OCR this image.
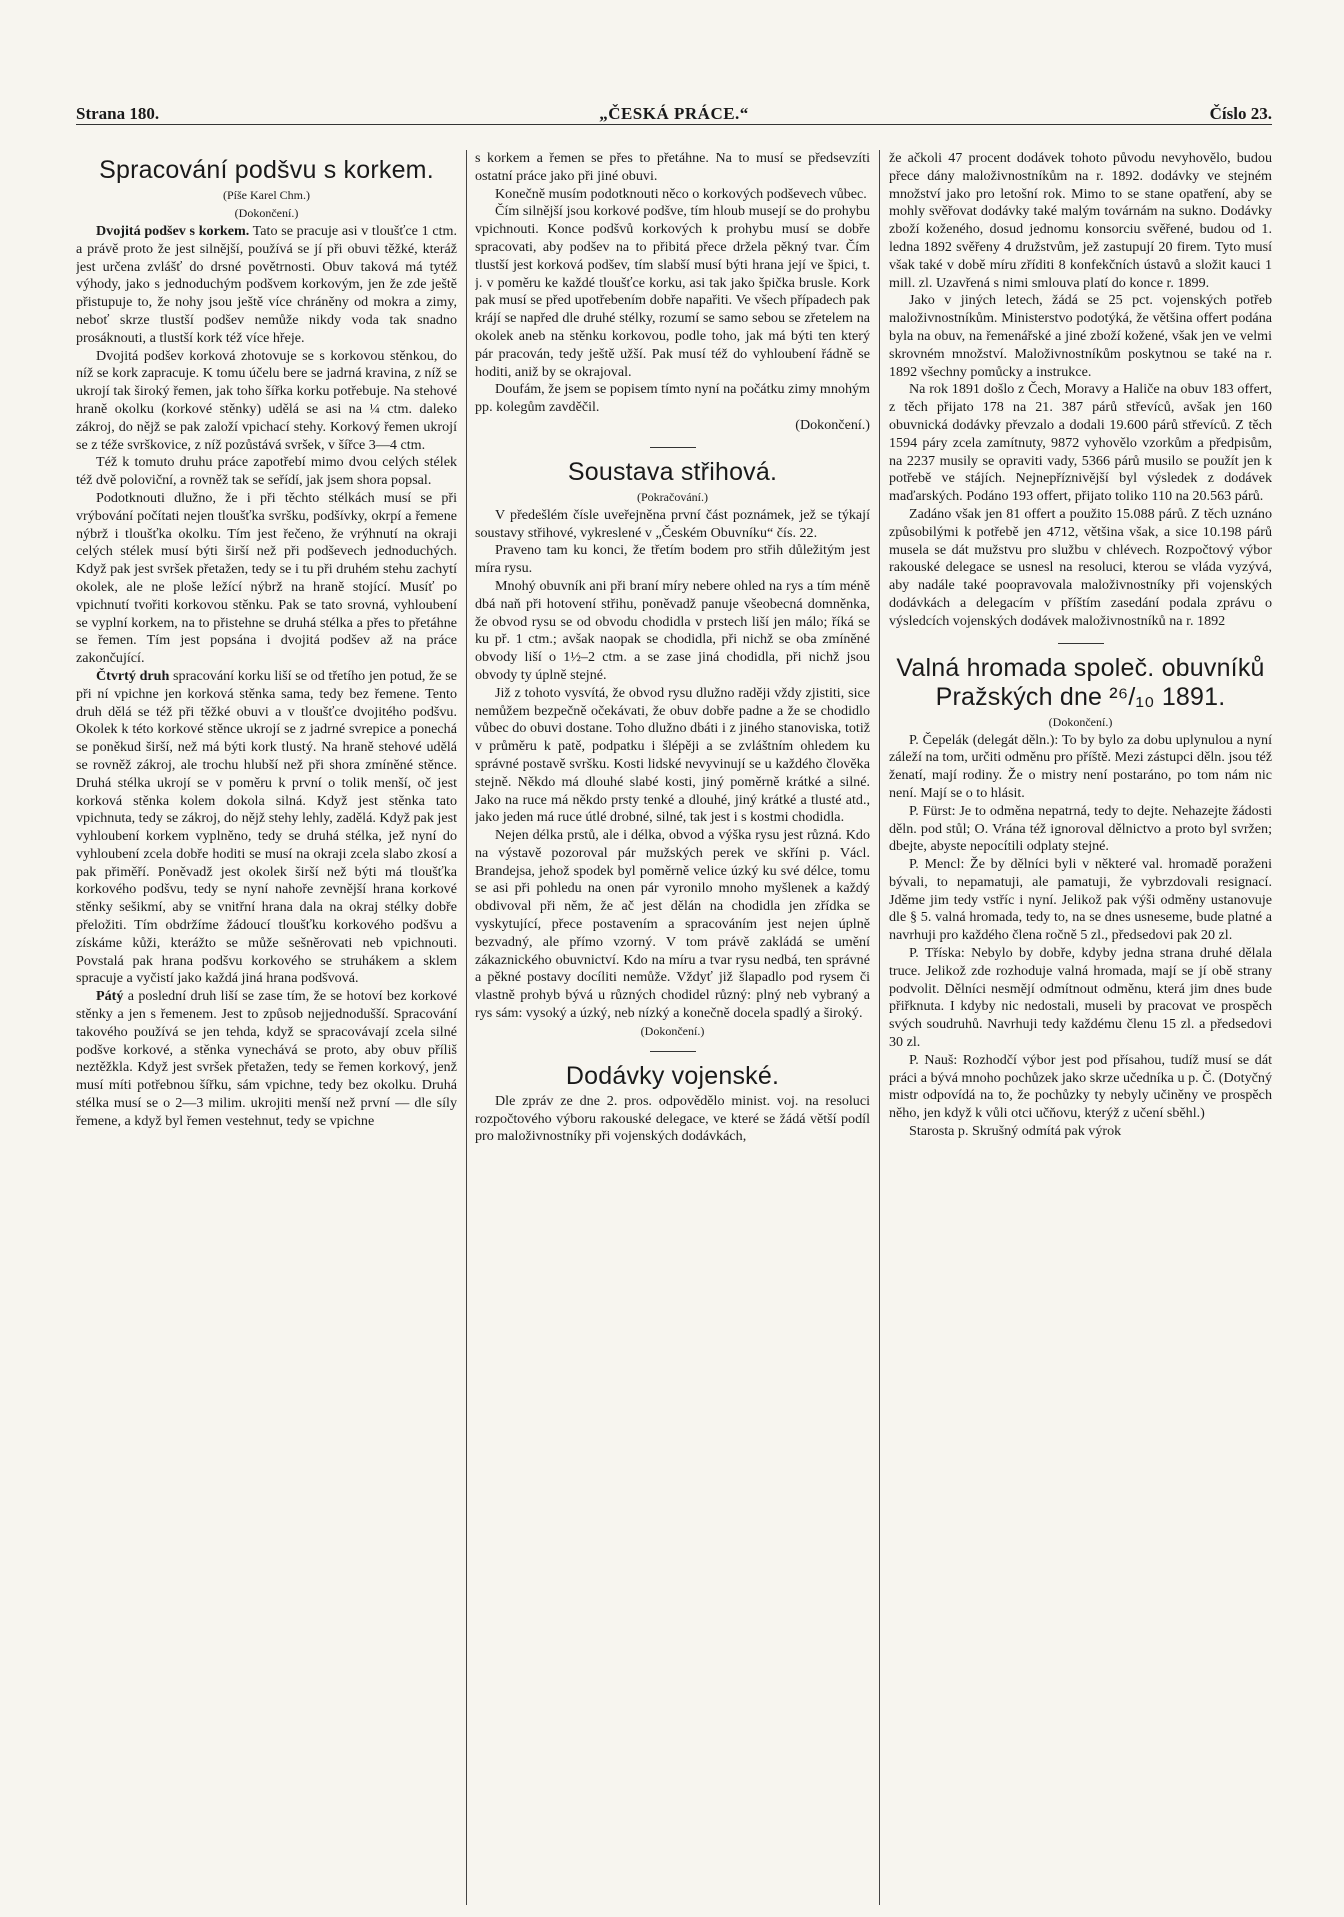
Strana 180.	„ČESKÁ PRÁCE.“	Číslo 23.
Spracování podšvu s korkem.
(Píše Karel Chm.)
(Dokončení.)

Dvojitá podšev s korkem. Tato se pracuje asi v tloušťce 1 ctm. a právě proto že jest silnější, používá se jí při obuvi těžké, kteráž jest určena zvlášť do drsné povětrnosti. Obuv taková má tytéž výhody, jako s jednoduchým podšvem korkovým, jen že zde ještě přistupuje to, že nohy jsou ještě více chráněny od mokra a zimy, neboť skrze tlustší podšev nemůže nikdy voda tak snadno prosáknouti, a tlustší kork též více hřeje.

Dvojitá podšev korková zhotovuje se s korkovou stěnkou, do níž se kork zapracuje. K tomu účelu bere se jadrná kravina, z níž se ukrojí tak široký řemen, jak toho šířka korku potřebuje. Na stehové hraně okolku (korkové stěnky) udělá se asi na ¼ ctm. daleko zákroj, do nějž se pak založí vpichací stehy. Korkový řemen ukrojí se z téže svrškovice, z níž pozůstává svršek, v šířce 3—4 ctm.

Též k tomuto druhu práce zapotřebí mimo dvou celých stélek též dvě poloviční, a rovněž tak se seřídí, jak jsem shora popsal.

Podotknouti dlužno, že i při těchto stélkách musí se při vrýbování počítati nejen tloušťka svršku, podšívky, okrpí a řemene nýbrž i tloušťka okolku. Tím jest řečeno, že vrýhnutí na okraji celých stélek musí býti širší než při podševech jednoduchých. Když pak jest svršek přetažen, tedy se i tu při druhém stehu zachytí okolek, ale ne ploše ležící nýbrž na hraně stojící. Musíť po vpichnutí tvořiti korkovou stěnku. Pak se tato srovná, vyhloubení se vyplní korkem, na to přistehne se druhá stélka a přes to přetáhne se řemen. Tím jest popsána i dvojitá podšev až na práce zakončující.

Čtvrtý druh spracování korku liší se od třetího jen potud, že se při ní vpichne jen korková stěnka sama, tedy bez řemene. Tento druh dělá se též při těžké obuvi a v tloušťce dvojitého podšvu. Okolek k této korkové stěnce ukrojí se z jadrné svrepice a ponechá se poněkud širší, než má býti kork tlustý. Na hraně stehové udělá se rovněž zákroj, ale trochu hlubší než při shora zmíněné stěnce. Druhá stélka ukrojí se v poměru k první o tolik menší, oč jest korková stěnka kolem dokola silná. Když jest stěnka tato vpichnuta, tedy se zákroj, do nějž stehy lehly, zadělá. Když pak jest vyhloubení korkem vyplněno, tedy se druhá stélka, jež nyní do vyhloubení zcela dobře hoditi se musí na okraji zcela slabo zkosí a pak přiměří. Poněvadž jest okolek širší než býti má tloušťka korkového podšvu, tedy se nyní nahoře zevnější hrana korkové stěnky sešikmí, aby se vnitřní hrana dala na okraj stélky dobře přeložiti. Tím obdržíme žádoucí tloušťku korkového podšvu a získáme kůži, kterážto se může sešněrovati neb vpichnouti. Povstalá pak hrana podšvu korkového se struhákem a sklem spracuje a vyčistí jako každá jiná hrana podšvová.

Pátý a poslední druh liší se zase tím, že se hotoví bez korkové stěnky a jen s řemenem. Jest to způsob nejjednodušší. Spracování takového používá se jen tehda, když se spracovávají zcela silné podšve korkové, a stěnka vynechává se proto, aby obuv příliš neztěžkla. Když jest svršek přetažen, tedy se řemen korkový, jenž musí míti potřebnou šířku, sám vpichne, tedy bez okolku. Druhá stélka musí se o 2—3 milim. ukrojiti menší než první — dle síly řemene, a když byl řemen vestehnut, tedy se vpichne

s korkem a řemen se přes to přetáhne. Na to musí se předsevzíti ostatní práce jako při jiné obuvi.

Konečně musím podotknouti něco o korkových podševech vůbec.

Čím silnější jsou korkové podšve, tím hloub musejí se do prohybu vpichnouti. Konce podšvů korkových k prohybu musí se dobře spracovati, aby podšev na to přibitá přece držela pěkný tvar. Čím tlustší jest korková podšev, tím slabší musí býti hrana její ve špici, t. j. v poměru ke každé tloušťce korku, asi tak jako špička brusle. Kork pak musí se před upotřebením dobře napařiti. Ve všech případech pak krájí se napřed dle druhé stélky, rozumí se samo sebou se zřetelem na okolek aneb na stěnku korkovou, podle toho, jak má býti ten který pár pracován, tedy ještě užší. Pak musí též do vyhloubení řádně se hoditi, aniž by se okrajoval.

Doufám, že jsem se popisem tímto nyní na počátku zimy mnohým pp. kolegům zavděčil.

(Dokončení.)
Soustava střihová.
(Pokračování.)

V předešlém čísle uveřejněna první část poznámek, jež se týkají soustavy střihové, vykreslené v „Českém Obuvníku“ čís. 22.

Praveno tam ku konci, že třetím bodem pro střih důležitým jest míra rysu.

Mnohý obuvník ani při braní míry nebere ohled na rys a tím méně dbá naň při hotovení střihu, poněvadž panuje všeobecná domněnka, že obvod rysu se od obvodu chodidla v prstech liší jen málo; říká se ku př. 1 ctm.; avšak naopak se chodidla, při nichž se oba zmíněné obvody liší o 1½–2 ctm. a se zase jiná chodidla, při nichž jsou obvody ty úplně stejné.

Již z tohoto vysvítá, že obvod rysu dlužno raději vždy zjistiti, sice nemůžem bezpečně očekávati, že obuv dobře padne a že se chodidlo vůbec do obuvi dostane. Toho dlužno dbáti i z jiného stanoviska, totiž v průměru k patě, podpatku i šlépěji a se zvláštním ohledem ku správné postavě svršku. Kosti lidské nevyvinují se u každého člověka stejně. Někdo má dlouhé slabé kosti, jiný poměrně krátké a silné. Jako na ruce má někdo prsty tenké a dlouhé, jiný krátké a tlusté atd., jako jeden má ruce útlé drobné, silné, tak jest i s kostmi chodidla.

Nejen délka prstů, ale i délka, obvod a výška rysu jest různá. Kdo na výstavě pozoroval pár mužských perek ve skříni p. Václ. Brandejsa, jehož spodek byl poměrně velice úzký ku své délce, tomu se asi při pohledu na onen pár vyronilo mnoho myšlenek a každý obdivoval při něm, že ač jest dělán na chodidla jen zřídka se vyskytující, přece postavením a spracováním jest nejen úplně bezvadný, ale přímo vzorný. V tom právě zakládá se umění zákaznického obuvnictví. Kdo na míru a tvar rysu nedbá, ten správné a pěkné postavy docíliti nemůže. Vždyť již šlapadlo pod rysem či vlastně prohyb bývá u různých chodidel různý: plný neb vybraný a rys sám: vysoký a úzký, neb nízký a konečně docela spadlý a široký.

(Dokončení.)
Dodávky vojenské.

Dle zpráv ze dne 2. pros. odpovědělo minist. voj. na resoluci rozpočtového výboru rakouské delegace, ve které se žádá větší podíl pro maloživnostníky při vojenských dodávkách,

že ačkoli 47 procent dodávek tohoto původu nevyhovělo, budou přece dány maloživnostníkům na r. 1892. dodávky ve stejném množství jako pro letošní rok. Mimo to se stane opatření, aby se mohly svěřovat dodávky také malým továrnám na sukno. Dodávky zboží koženého, dosud jednomu konsorciu svěřené, budou od 1. ledna 1892 svěřeny 4 družstvům, jež zastupují 20 firem. Tyto musí však také v době míru zříditi 8 konfekčních ústavů a složit kauci 1 mill. zl. Uzavřená s nimi smlouva platí do konce r. 1899.

Jako v jiných letech, žádá se 25 pct. vojenských potřeb maloživnostníkům. Ministerstvo podotýká, že většina offert podána byla na obuv, na řemenářské a jiné zboží kožené, však jen ve velmi skrovném množství. Maloživnostníkům poskytnou se také na r. 1892 všechny pomůcky a instrukce.

Na rok 1891 došlo z Čech, Moravy a Haliče na obuv 183 offert, z těch přijato 178 na 21. 387 párů střevíců, avšak jen 160 obuvnická dodávky převzalo a dodali 19.600 párů střevíců. Z těch 1594 páry zcela zamítnuty, 9872 vyhovělo vzorkům a předpisům, na 2237 musily se opraviti vady, 5366 párů musilo se použít jen k potřebě ve stájích. Nejnepříznivější byl výsledek z dodávek maďarských. Podáno 193 offert, přijato toliko 110 na 20.563 párů.

Zadáno však jen 81 offert a použito 15.088 párů. Z těch uznáno způsobilými k potřebě jen 4712, většina však, a sice 10.198 párů musela se dát mužstvu pro službu v chlévech. Rozpočtový výbor rakouské delegace se usnesl na resoluci, kterou se vláda vyzývá, aby nadále také poopravovala maloživnostníky při vojenských dodávkách a delegacím v příštím zasedání podala zprávu o výsledcích vojenských dodávek maloživnostníků na r. 1892

Valná hromada společ. obuvníků Pražských dne ²⁶/₁₀ 1891.
(Dokončení.)

P. Čepelák (delegát děln.): To by bylo za dobu uplynulou a nyní záleží na tom, určiti odměnu pro příště. Mezi zástupci děln. jsou též ženatí, mají rodiny. Že o mistry není postaráno, po tom nám nic není. Mají se o to hlásit.

P. Fürst: Je to odměna nepatrná, tedy to dejte. Nehazejte žádosti děln. pod stůl; O. Vrána též ignoroval dělnictvo a proto byl svržen; dbejte, abyste nepocítili odplaty stejné.

P. Mencl: Že by dělníci byli v některé val. hromadě poraženi bývali, to nepamatuji, ale pamatuji, že vybrzdovali resignací. Jděme jim tedy vstříc i nyní. Jelikož pak výši odměny ustanovuje dle § 5. valná hromada, tedy to, na se dnes usneseme, bude platné a navrhuji pro každého člena ročně 5 zl., předsedovi pak 20 zl.

P. Tříska: Nebylo by dobře, kdyby jedna strana druhé dělala truce. Jelikož zde rozhoduje valná hromada, mají se jí obě strany podvolit. Dělníci nesmějí odmítnout odměnu, která jim dnes bude přiřknuta. I kdyby nic nedostali, museli by pracovat ve prospěch svých soudruhů. Navrhuji tedy každému členu 15 zl. a předsedovi 30 zl.

P. Nauš: Rozhodčí výbor jest pod přísahou, tudíž musí se dát práci a bývá mnoho pochůzek jako skrze učedníka u p. Č. (Dotyčný mistr odpovídá na to, že pochůzky ty nebyly učiněny ve prospěch něho, jen když k vůli otci učňovu, kterýž z učení sběhl.)

Starosta p. Skrušný odmítá pak výrok
